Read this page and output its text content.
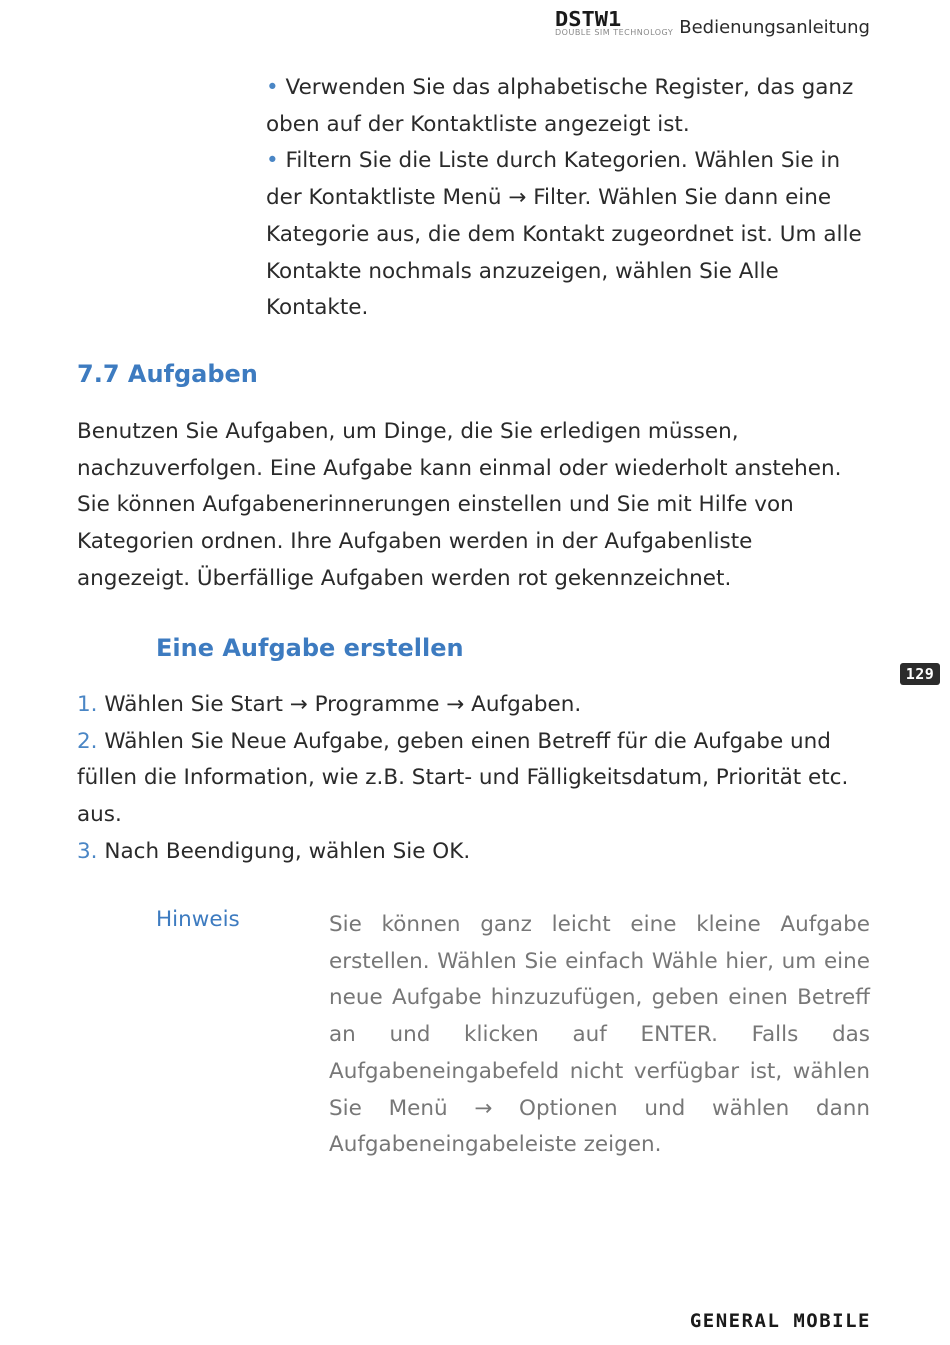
DSTW1
DOUBLE SIM TECHNOLOGY Bedienungsanleitung
• Verwenden Sie das alphabetische Register, das ganz oben auf der Kontaktliste angezeigt ist.
• Filtern Sie die Liste durch Kategorien. Wählen Sie in der Kontaktliste Menü → Filter. Wählen Sie dann eine Kategorie aus, die dem Kontakt zugeordnet ist. Um alle Kontakte nochmals anzuzeigen, wählen Sie Alle Kontakte.
7.7 Aufgaben
Benutzen Sie Aufgaben, um Dinge, die Sie erledigen müssen, nachzuverfolgen. Eine Aufgabe kann einmal oder wiederholt anstehen. Sie können Aufgabenerinnerungen einstellen und Sie mit Hilfe von Kategorien ordnen. Ihre Aufgaben werden in der Aufgabenliste angezeigt. Überfällige Aufgaben werden rot gekennzeichnet.
Eine Aufgabe erstellen
1. Wählen Sie Start → Programme → Aufgaben.
2. Wählen Sie Neue Aufgabe, geben einen Betreff für die Aufgabe und füllen die Information, wie z.B. Start- und Fälligkeitsdatum, Priorität etc. aus.
3. Nach Beendigung, wählen Sie OK.
Hinweis	Sie können ganz leicht eine kleine Aufgabe erstellen. Wählen Sie einfach Wähle hier, um eine neue Aufgabe hinzuzufügen, geben einen Betreff an und klicken auf ENTER. Falls das Aufgabeneingabefeld nicht verfügbar ist, wählen Sie Menü → Optionen und wählen dann Aufgabeneingabeleiste zeigen.
129
GENERAL MOBILE
